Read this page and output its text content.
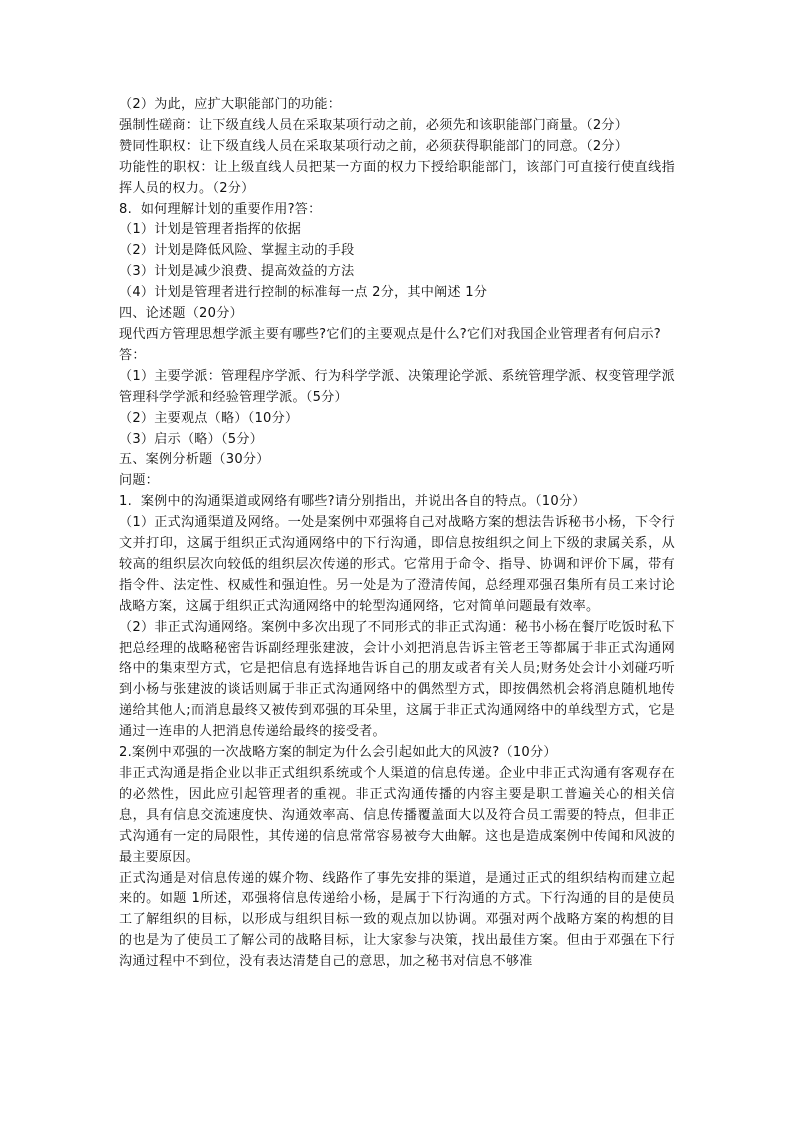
（2）为此，应扩大职能部门的功能：

强制性磋商：让下级直线人员在采取某项行动之前，必须先和该职能部门商量。（2分）

赞同性职权：让下级直线人员在采取某项行动之前，必须获得职能部门的同意。（2分）

功能性的职权：让上级直线人员把某一方面的权力下授给职能部门，该部门可直接行使直线指挥人员的权力。（2分）

8.  如何理解计划的重要作用?答：

（1）计划是管理者指挥的依据

（2）计划是降低风险、掌握主动的手段

（3）计划是减少浪费、提高效益的方法

（4）计划是管理者进行控制的标准每一点 2分，其中阐述 1分

四、论述题（20分）

现代西方管理思想学派主要有哪些?它们的主要观点是什么?它们对我国企业管理者有何启示?

答：

（1）主要学派：管理程序学派、行为科学学派、决策理论学派、系统管理学派、权变管理学派管理科学学派和经验管理学派。（5分）

（2）主要观点（略）（10分）

（3）启示（略）（5分）

五、案例分析题（30分）

问题：

1.  案例中的沟通渠道或网络有哪些?请分别指出，并说出各自的特点。（10分）

（1）正式沟通渠道及网络。一处是案例中邓强将自己对战略方案的想法告诉秘书小杨，下令行文并打印，这属于组织正式沟通网络中的下行沟通，即信息按组织之间上下级的隶属关系，从较高的组织层次向较低的组织层次传递的形式。它常用于命令、指导、协调和评价下属，带有指令件、法定性、权威性和强迫性。另一处是为了澄清传闻，总经理邓强召集所有员工来讨论战略方案，这属于组织正式沟通网络中的轮型沟通网络，它对简单问题最有效率。

（2）非正式沟通网络。案例中多次出现了不同形式的非正式沟通：秘书小杨在餐厅吃饭时私下把总经理的战略秘密告诉副经理张建波，会计小刘把消息告诉主管老王等都属于非正式沟通网络中的集束型方式，它是把信息有选择地告诉自己的朋友或者有关人员;财务处会计小刘碰巧听到小杨与张建波的谈话则属于非正式沟通网络中的偶然型方式，即按偶然机会将消息随机地传递给其他人;而消息最终又被传到邓强的耳朵里，这属于非正式沟通网络中的单线型方式，它是通过一连串的人把消息传递给最终的接受者。

2.案例中邓强的一次战略方案的制定为什么会引起如此大的风波?（10分）

非正式沟通是指企业以非正式组织系统或个人渠道的信息传递。企业中非正式沟通有客观存在的必然性，因此应引起管理者的重视。非正式沟通传播的内容主要是职工普遍关心的相关信息，具有信息交流速度快、沟通效率高、信息传播覆盖面大以及符合员工需要的特点，但非正式沟通有一定的局限性，其传递的信息常常容易被夸大曲解。这也是造成案例中传闻和风波的最主要原因。

正式沟通是对信息传递的媒介物、线路作了事先安排的渠道，是通过正式的组织结构而建立起来的。如题 1所述，邓强将信息传递给小杨，是属于下行沟通的方式。下行沟通的目的是使员工了解组织的目标，以形成与组织目标一致的观点加以协调。邓强对两个战略方案的构想的目的也是为了使员工了解公司的战略目标，让大家参与决策，找出最佳方案。但由于邓强在下行沟通过程中不到位，没有表达清楚自己的意思，加之秘书对信息不够准
